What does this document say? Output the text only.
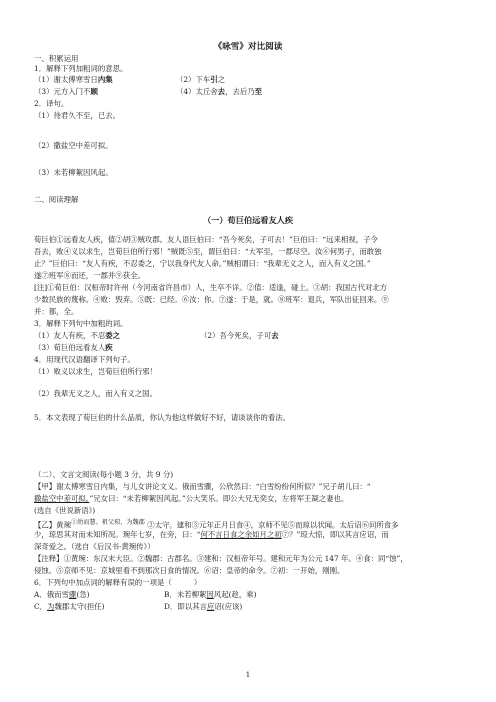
《咏雪》对比阅读
一、积累运用
1．解释下列加粗词的意思。
（1）谢太傅寒雪日内集	（2）下车引之
（3）元方入门不顾	（4）太丘舍去，去后乃至
2．译句。
（1）待君久不至，已去。
（2）撒盐空中差可拟。
（3）未若柳絮因风起。
二、阅读理解
（一）荀巨伯远看友人疾
荀巨伯①远看友人疾，值②胡③贼攻郡。友人语巨伯曰：“吾今死矣，子可去！”巨伯曰：“远来相视，子令
吾去，败④义以求生，岂荀巨伯所行邪！”贼既⑤至，谓巨伯曰：“大军至，一郡尽空。汝⑥何男子，而敢独
止？”巨伯曰：“友人有疾，不忍委之，宁以我身代友人命。”贼相谓曰：“我辈无义之人，而入有义之国。”
遂⑦班军⑧而还，一郡并⑨获全。
[注]①荀巨伯：汉桓帝时许州（今河南省许昌市）人，生卒不详。②值：适逢，碰上。③胡：我国古代对北方
少数民族的蔑称。④败：毁弃。⑤既：已经。⑥汝：你。⑦遂：于是，就。⑧班军：退兵，军队出征回来。⑨
并：都，全。
3．解释下列句中加粗的词。
（1）友人有疾，不忍委之	（2）吾今死矣，子可去
（3）荀巨伯远看友人疾
4．用现代汉语翻译下列句子。
（1）败义以求生，岂荀巨伯所行邪！
（2）我辈无义之人，而入有义之国。
5．本文表现了荀巨伯的什么品质，你认为他这样做好不好，请谈谈你的看法。
（二）、文言文阅读(每小题 3 分，共 9 分)
【甲】谢太傅寒雪日内集，与儿女讲论文义。俄而雪骤，公欣然曰：“白雪纷纷何所似？”兄子胡儿曰：“
撒盐空中差可拟。”兄女曰：“未若柳絮因风起。”公大笑乐。即公大兄无奕女，左将军王凝之妻也。
(选自《世说新语》)
【乙】黄琬$^{①幼而慧。祖父琼,为魏郡}$ ②太守。建和③元年正月日食④，京师不见⑤而琼以状闻。太后诏⑥问所食多
少，琼思其对而未知所况。琬年七岁，在旁，曰：“何不言日食之余如月之初⑦？”琼大惊，即以其言应诏，而
深奇爱之。（选自《后汉书·黄琬传》）
【注释】①黄琬：东汉末大臣。②魏郡：古郡名。③建和：汉桓帝年号。建和元年为公元 147 年。④食：同“蚀”，
侵蚀。⑤京师不见：京城里看不到那次日食的情况。⑥诏：皇帝的命令。⑦初：一开始，刚刚。
6．下列句中加点词的解释有误的一项是（　　　）
A．俄而雪骤(急)	B．未若柳絮因风起(趁，乘)
C．为魏郡太守(担任)	D．即以其言应诏(应该)
1
